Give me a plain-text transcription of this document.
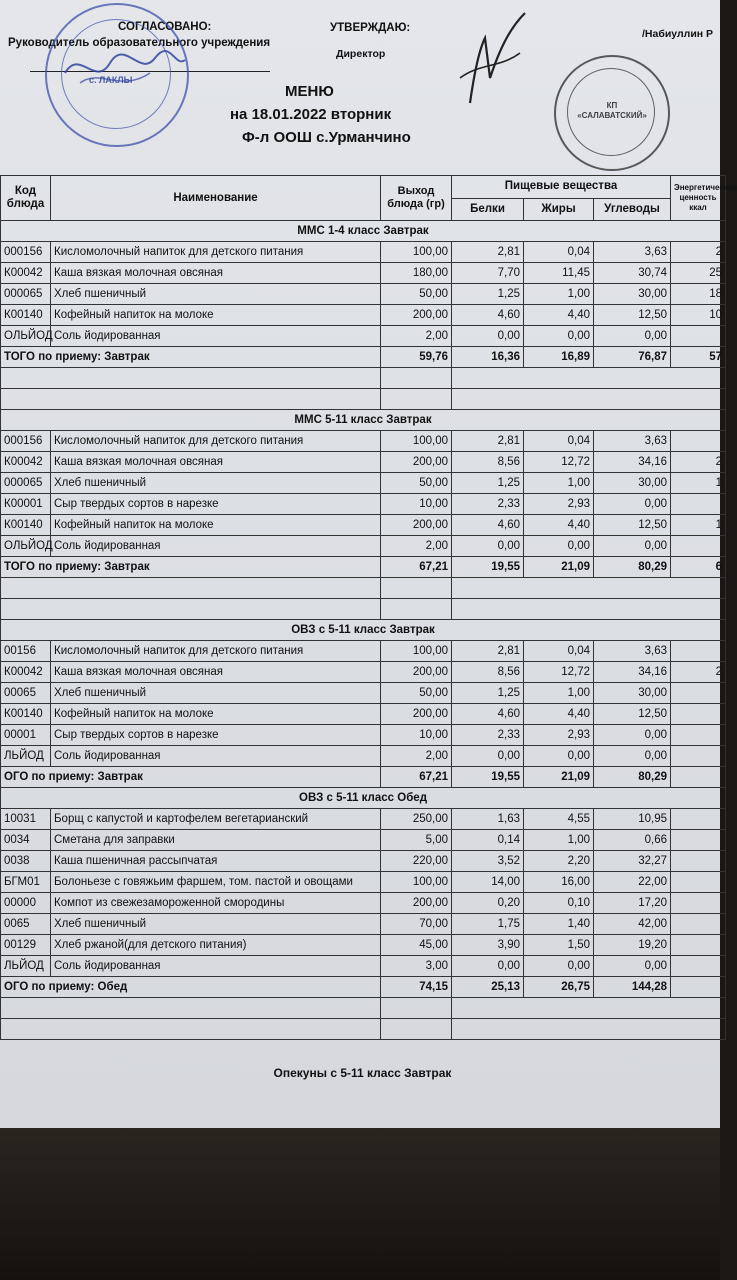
СОГЛАСОВАНО:
Руководитель образовательного учреждения
с. ЛАКЛЫ
УТВЕРЖДАЮ:
Директор
/Набиуллин Р
КП «САЛАВАТСКИЙ»
МЕНЮ
на 18.01.2022 вторник
Ф-л ООШ с.Урманчино
Код блюда	Наименование	Выход блюда (гр)	Пищевые вещества			Энергетическая ценность ккал
			Белки	Жиры	Углеводы	
ММС 1-4 класс Завтрак						
000156	Кисломолочный напиток для детского питания	100,00	2,81	0,04	3,63	2
К00042	Каша вязкая молочная овсяная	180,00	7,70	11,45	30,74	25
000065	Хлеб пшеничный	50,00	1,25	1,00	30,00	18
К00140	Кофейный напиток на молоке	200,00	4,60	4,40	12,50	10
ОЛЬЙОД	Соль йодированная	2,00	0,00	0,00	0,00	
ТОГО по приему: Завтрак		59,76	16,36	16,89	76,87	57

ММС 5-11 класс Завтрак						
000156	Кисломолочный напиток для детского питания	100,00	2,81	0,04	3,63	
К00042	Каша вязкая молочная овсяная	200,00	8,56	12,72	34,16	2
000065	Хлеб пшеничный	50,00	1,25	1,00	30,00	1
К00001	Сыр твердых сортов в нарезке	10,00	2,33	2,93	0,00	
К00140	Кофейный напиток на молоке	200,00	4,60	4,40	12,50	1
ОЛЬЙОД	Соль йодированная	2,00	0,00	0,00	0,00	
ТОГО по приему: Завтрак		67,21	19,55	21,09	80,29	6

ОВЗ с 5-11 класс Завтрак						
00156	Кисломолочный напиток для детского питания	100,00	2,81	0,04	3,63	
К00042	Каша вязкая молочная овсяная	200,00	8,56	12,72	34,16	2
00065	Хлеб пшеничный	50,00	1,25	1,00	30,00	
К00140	Кофейный напиток на молоке	200,00	4,60	4,40	12,50	
00001	Сыр твердых сортов в нарезке	10,00	2,33	2,93	0,00	
ЛЬЙОД	Соль йодированная	2,00	0,00	0,00	0,00	
ОГО по приему: Завтрак		67,21	19,55	21,09	80,29	
ОВЗ с 5-11 класс Обед						
10031	Борщ с капустой и картофелем вегетарианский	250,00	1,63	4,55	10,95	
0034	Сметана для заправки	5,00	0,14	1,00	0,66	
0038	Каша пшеничная рассыпчатая	220,00	3,52	2,20	32,27	
БГМ01	Болоньезе с говяжьим фаршем, том. пастой и овощами	100,00	14,00	16,00	22,00	
00000	Компот из свежезамороженной смородины	200,00	0,20	0,10	17,20	
0065	Хлеб пшеничный	70,00	1,75	1,40	42,00	
00129	Хлеб ржаной(для детского питания)	45,00	3,90	1,50	19,20	
ЛЬЙОД	Соль йодированная	3,00	0,00	0,00	0,00	
ОГО по приему: Обед		74,15	25,13	26,75	144,28	

Опекуны с 5-11 класс Завтрак
